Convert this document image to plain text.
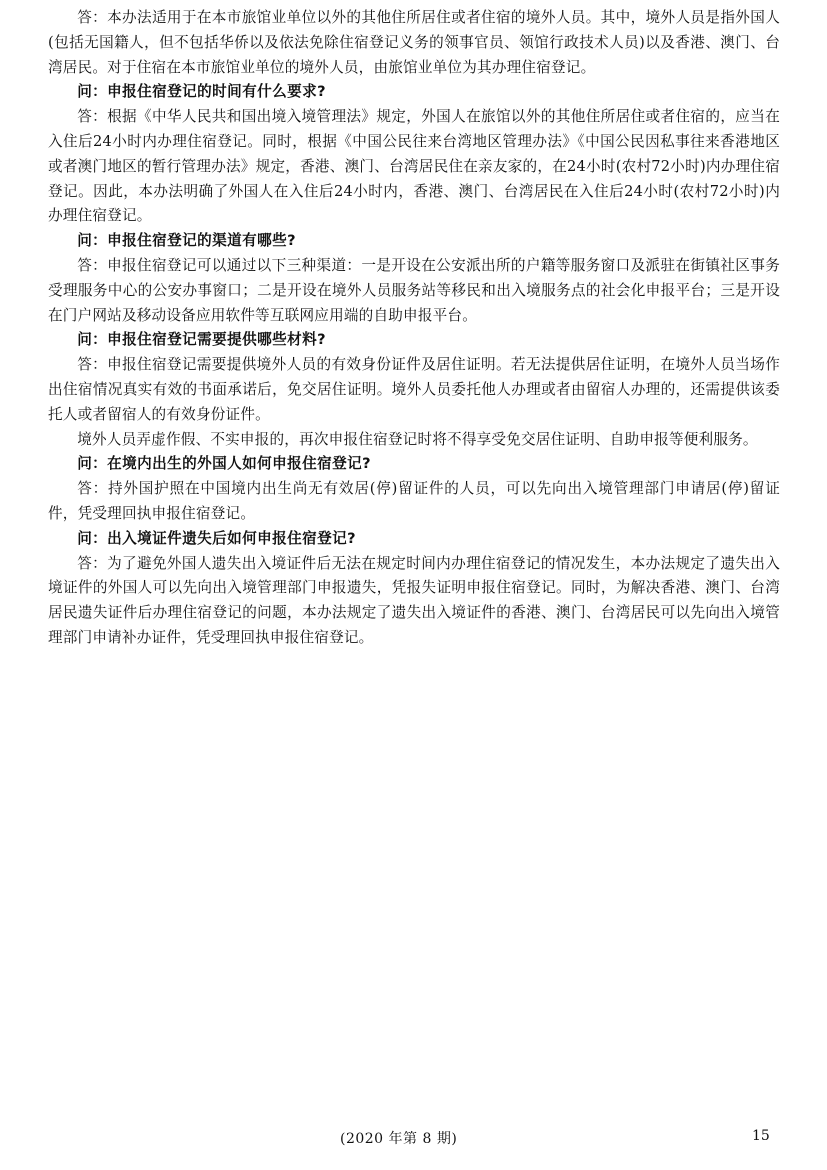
答：本办法适用于在本市旅馆业单位以外的其他住所居住或者住宿的境外人员。其中，境外人员是指外国人(包括无国籍人，但不包括华侨以及依法免除住宿登记义务的领事官员、领馆行政技术人员)以及香港、澳门、台湾居民。对于住宿在本市旅馆业单位的境外人员，由旅馆业单位为其办理住宿登记。

问：申报住宿登记的时间有什么要求?

答：根据《中华人民共和国出境入境管理法》规定，外国人在旅馆以外的其他住所居住或者住宿的，应当在入住后24小时内办理住宿登记。同时，根据《中国公民往来台湾地区管理办法》《中国公民因私事往来香港地区或者澳门地区的暂行管理办法》规定，香港、澳门、台湾居民住在亲友家的，在24小时(农村72小时)内办理住宿登记。因此，本办法明确了外国人在入住后24小时内，香港、澳门、台湾居民在入住后24小时(农村72小时)内办理住宿登记。

问：申报住宿登记的渠道有哪些?

答：申报住宿登记可以通过以下三种渠道：一是开设在公安派出所的户籍等服务窗口及派驻在街镇社区事务受理服务中心的公安办事窗口；二是开设在境外人员服务站等移民和出入境服务点的社会化申报平台；三是开设在门户网站及移动设备应用软件等互联网应用端的自助申报平台。

问：申报住宿登记需要提供哪些材料?

答：申报住宿登记需要提供境外人员的有效身份证件及居住证明。若无法提供居住证明，在境外人员当场作出住宿情况真实有效的书面承诺后，免交居住证明。境外人员委托他人办理或者由留宿人办理的，还需提供该委托人或者留宿人的有效身份证件。

境外人员弄虚作假、不实申报的，再次申报住宿登记时将不得享受免交居住证明、自助申报等便利服务。

问：在境内出生的外国人如何申报住宿登记?

答：持外国护照在中国境内出生尚无有效居(停)留证件的人员，可以先向出入境管理部门申请居(停)留证件，凭受理回执申报住宿登记。

问：出入境证件遗失后如何申报住宿登记?

答：为了避免外国人遗失出入境证件后无法在规定时间内办理住宿登记的情况发生，本办法规定了遗失出入境证件的外国人可以先向出入境管理部门申报遗失，凭报失证明申报住宿登记。同时，为解决香港、澳门、台湾居民遗失证件后办理住宿登记的问题，本办法规定了遗失出入境证件的香港、澳门、台湾居民可以先向出入境管理部门申请补办证件，凭受理回执申报住宿登记。

(2020 年第 8 期)	15
